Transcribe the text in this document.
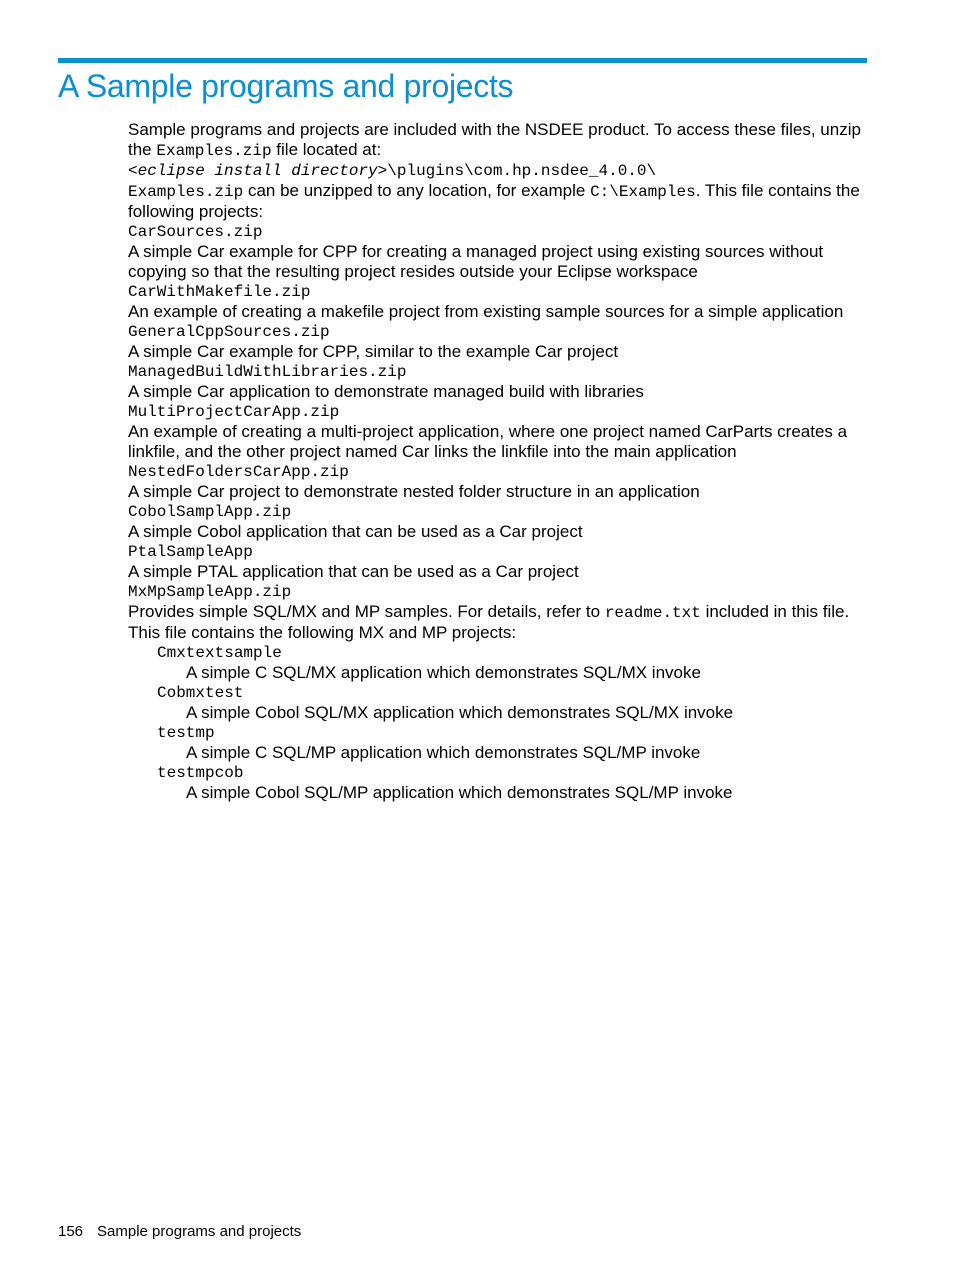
A Sample programs and projects

Sample programs and projects are included with the NSDEE product. To access these files, unzip the Examples.zip file located at:

<eclipse install directory>\plugins\com.hp.nsdee_4.0.0\

Examples.zip can be unzipped to any location, for example C:\Examples. This file contains the following projects:

CarSources.zip

A simple Car example for CPP for creating a managed project using existing sources without copying so that the resulting project resides outside your Eclipse workspace

CarWithMakefile.zip

An example of creating a makefile project from existing sample sources for a simple application

GeneralCppSources.zip

A simple Car example for CPP, similar to the example Car project

ManagedBuildWithLibraries.zip

A simple Car application to demonstrate managed build with libraries

MultiProjectCarApp.zip

An example of creating a multi-project application, where one project named CarParts creates a linkfile, and the other project named Car links the linkfile into the main application

NestedFoldersCarApp.zip

A simple Car project to demonstrate nested folder structure in an application

CobolSamplApp.zip

A simple Cobol application that can be used as a Car project

PtalSampleApp

A simple PTAL application that can be used as a Car project

MxMpSampleApp.zip

Provides simple SQL/MX and MP samples. For details, refer to readme.txt included in this file. This file contains the following MX and MP projects:

Cmxtextsample

A simple C SQL/MX application which demonstrates SQL/MX invoke

Cobmxtest

A simple Cobol SQL/MX application which demonstrates SQL/MX invoke

testmp

A simple C SQL/MP application which demonstrates SQL/MP invoke

testmpcob

A simple Cobol SQL/MP application which demonstrates SQL/MP invoke

156 Sample programs and projects
